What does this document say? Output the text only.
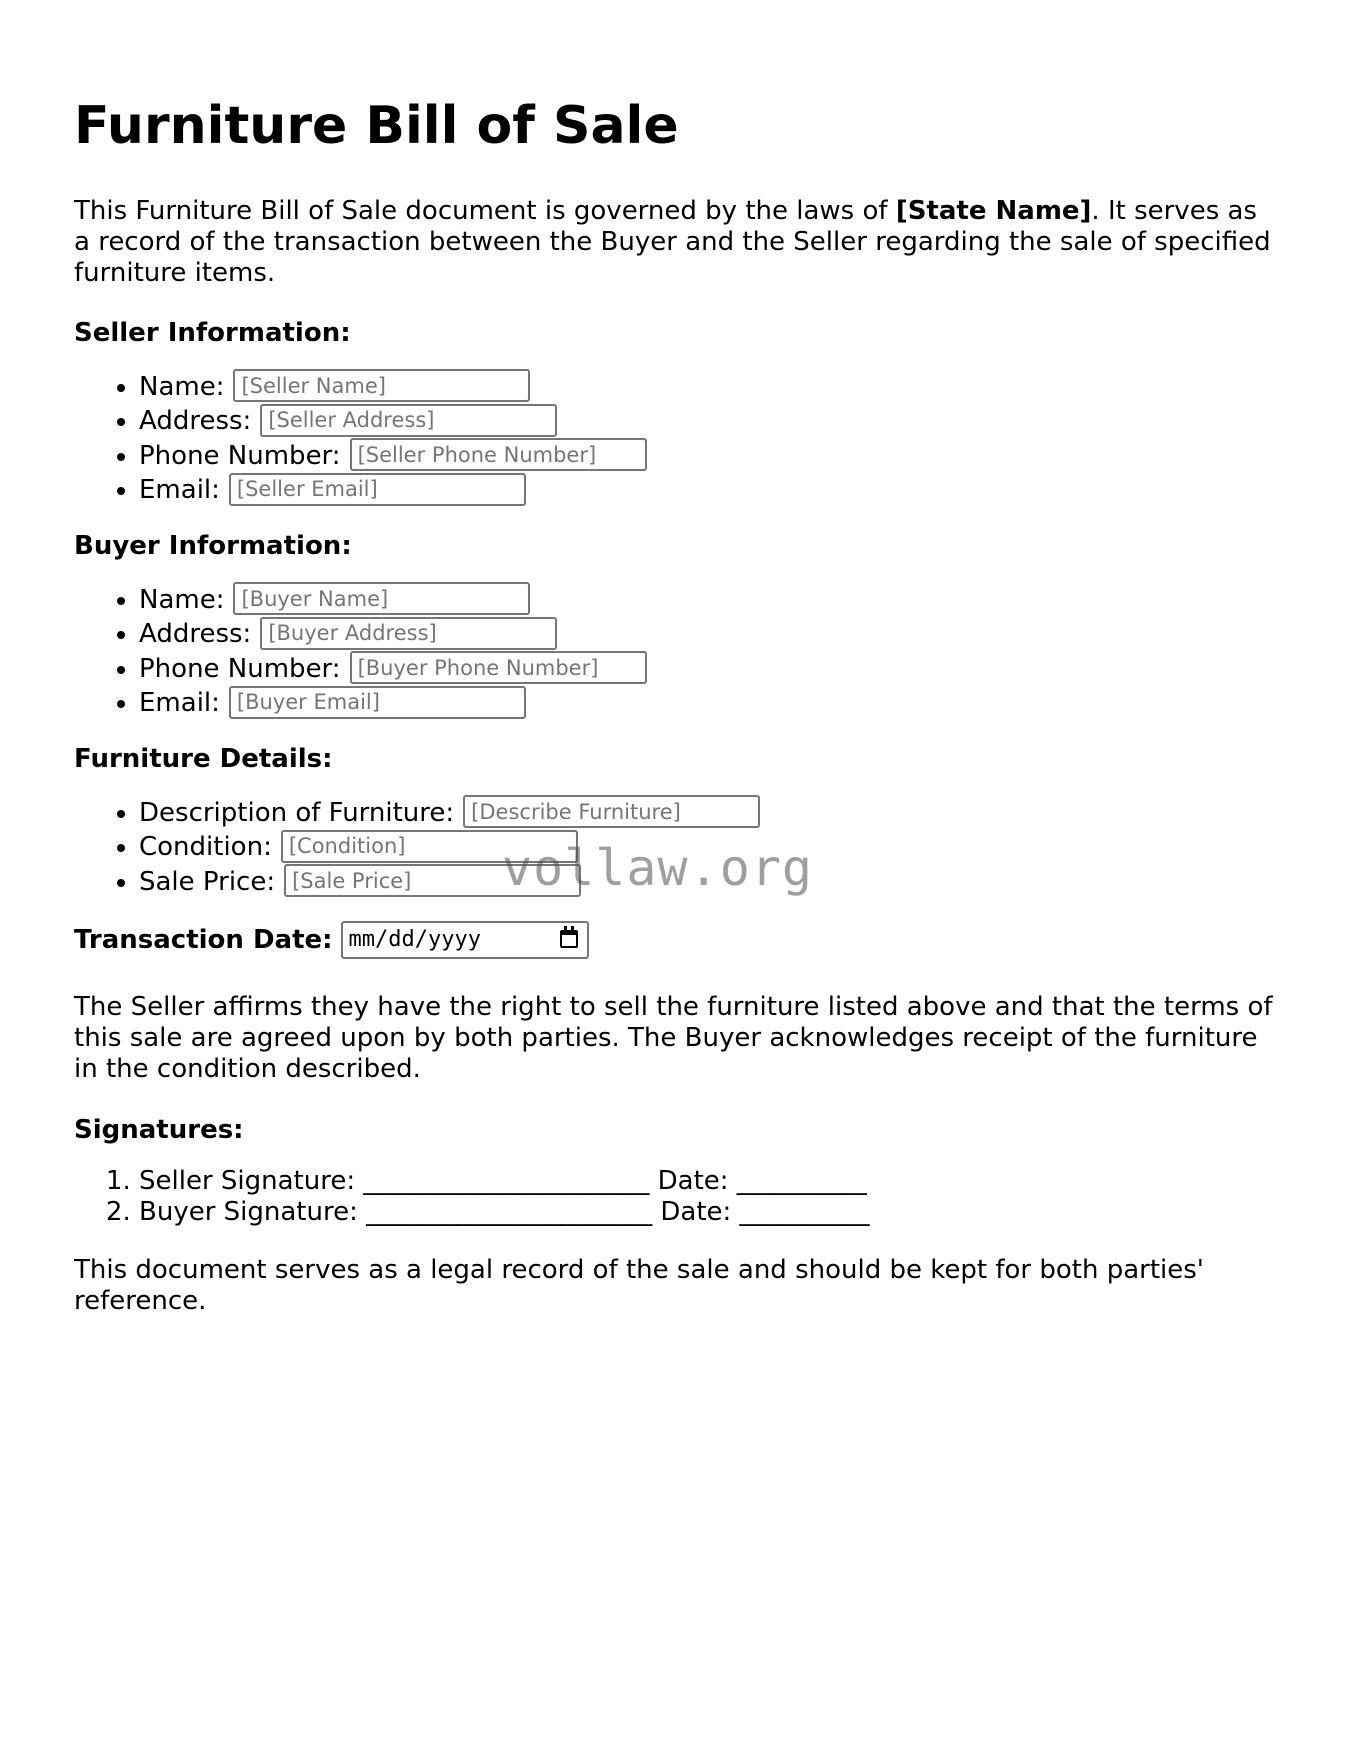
Furniture Bill of Sale

This Furniture Bill of Sale document is governed by the laws of [State Name]. It serves as a record of the transaction between the Buyer and the Seller regarding the sale of specified furniture items.

Seller Information:
• Name:[Seller Name]
• Address:[Seller Address]
• Phone Number:[Seller Phone Number]
• Email:[Seller Email]
Buyer Information:
• Name:[Buyer Name]
• Address:[Buyer Address]
• Phone Number:[Buyer Phone Number]
• Email:[Buyer Email]
Furniture Details:
• Description of Furniture:[Describe Furniture]
• Condition:[Condition]
• Sale Price:[Sale Price]
Transaction Date: mm/dd/yyyy

The Seller affirms they have the right to sell the furniture listed above and that the terms of this sale are agreed upon by both parties. The Buyer acknowledges receipt of the furniture in the condition described.

Signatures:
1. Seller Signature: ______________________ Date: __________
2. Buyer Signature: ______________________ Date: __________

This document serves as a legal record of the sale and should be kept for both parties' reference.

vollaw.org
